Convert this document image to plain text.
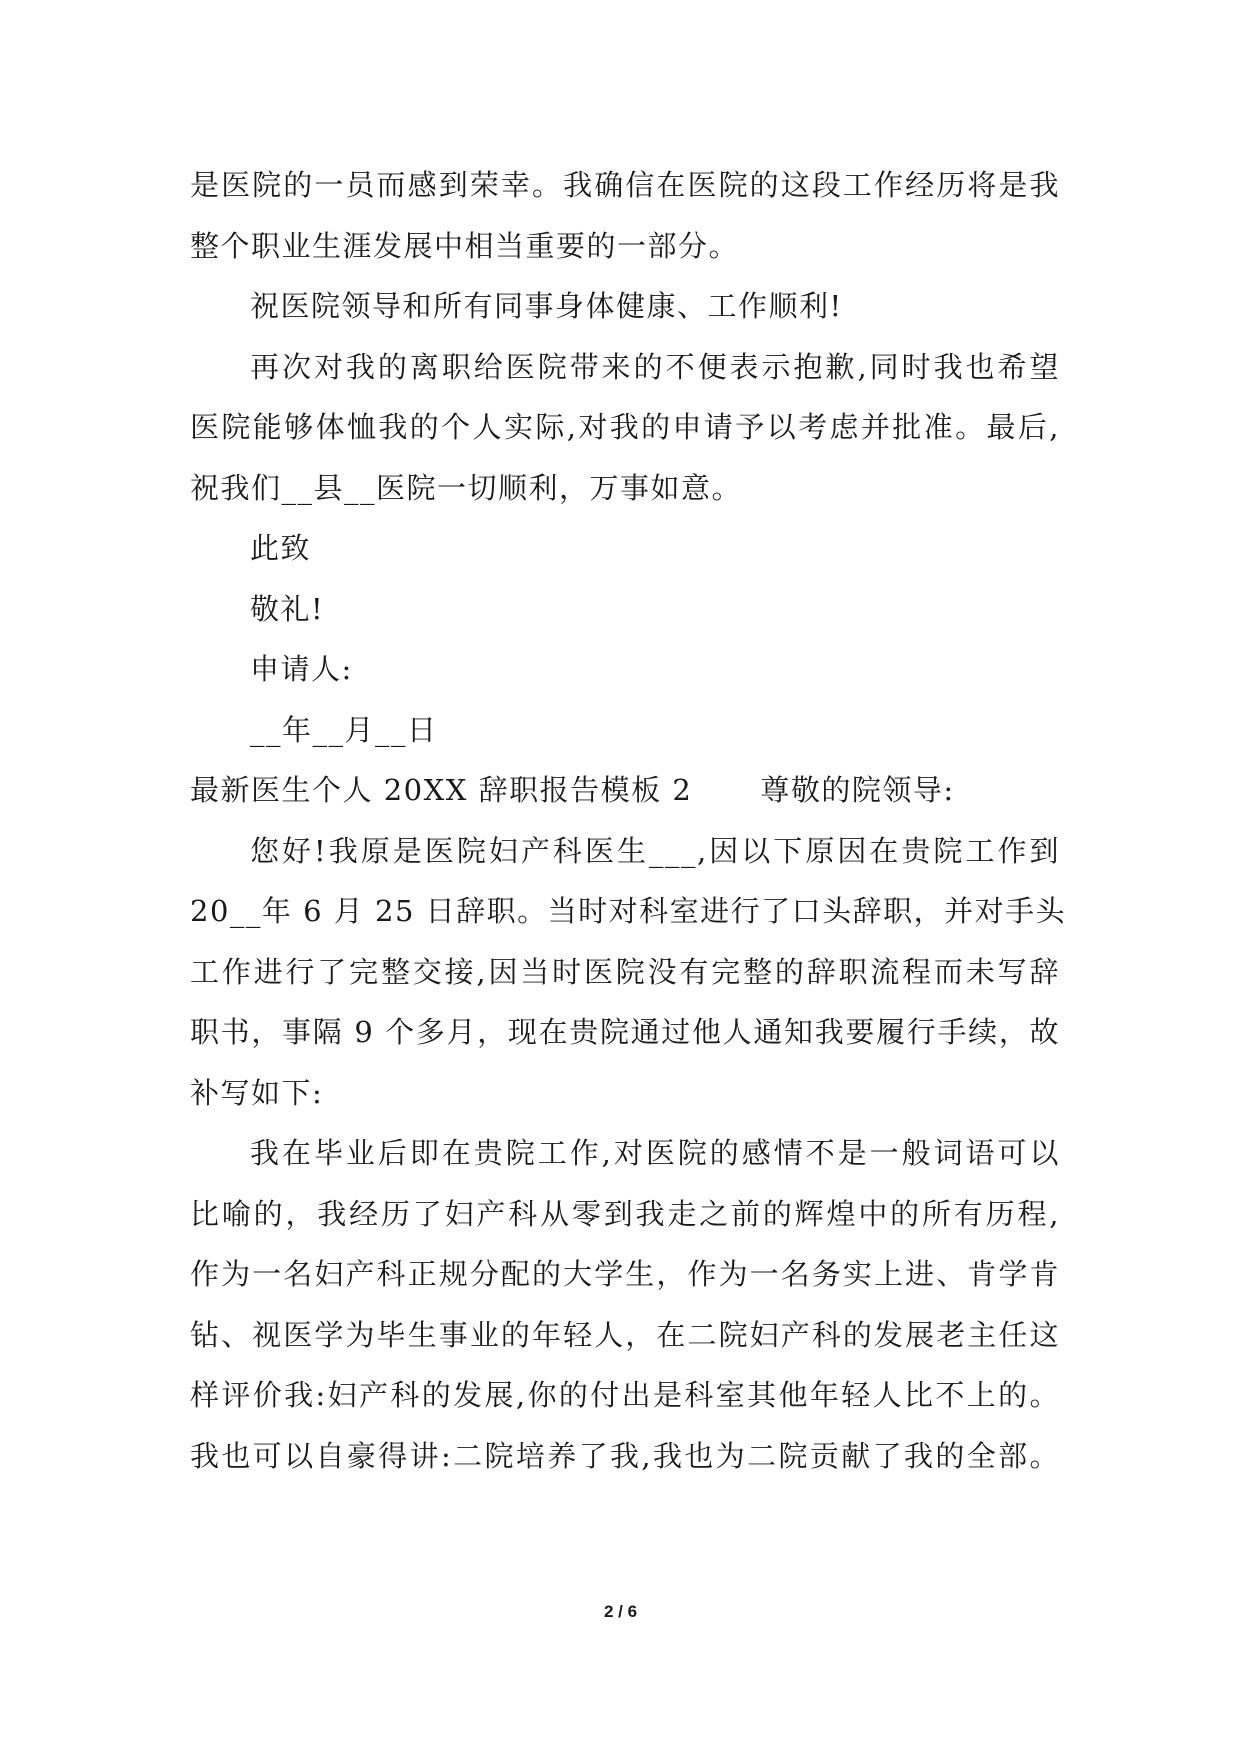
是医院的一员而感到荣幸。我确信在医院的这段工作经历将是我
整个职业生涯发展中相当重要的一部分。
祝医院领导和所有同事身体健康、工作顺利!
再次对我的离职给医院带来的不便表示抱歉,同时我也希望
医院能够体恤我的个人实际,对我的申请予以考虑并批准。最后,
祝我们__县__医院一切顺利，万事如意。
此致
敬礼!
申请人:
__年__月__日
最新医生个人 20XX 辞职报告模板 2 尊敬的院领导:
您好!我原是医院妇产科医生___,因以下原因在贵院工作到
20__年 6 月 25 日辞职。当时对科室进行了口头辞职，并对手头
工作进行了完整交接,因当时医院没有完整的辞职流程而未写辞
职书，事隔 9 个多月，现在贵院通过他人通知我要履行手续，故
补写如下:
我在毕业后即在贵院工作,对医院的感情不是一般词语可以
比喻的，我经历了妇产科从零到我走之前的辉煌中的所有历程,
作为一名妇产科正规分配的大学生，作为一名务实上进、肯学肯
钻、视医学为毕生事业的年轻人，在二院妇产科的发展老主任这
样评价我:妇产科的发展,你的付出是科室其他年轻人比不上的。
我也可以自豪得讲:二院培养了我,我也为二院贡献了我的全部。
2 / 6
